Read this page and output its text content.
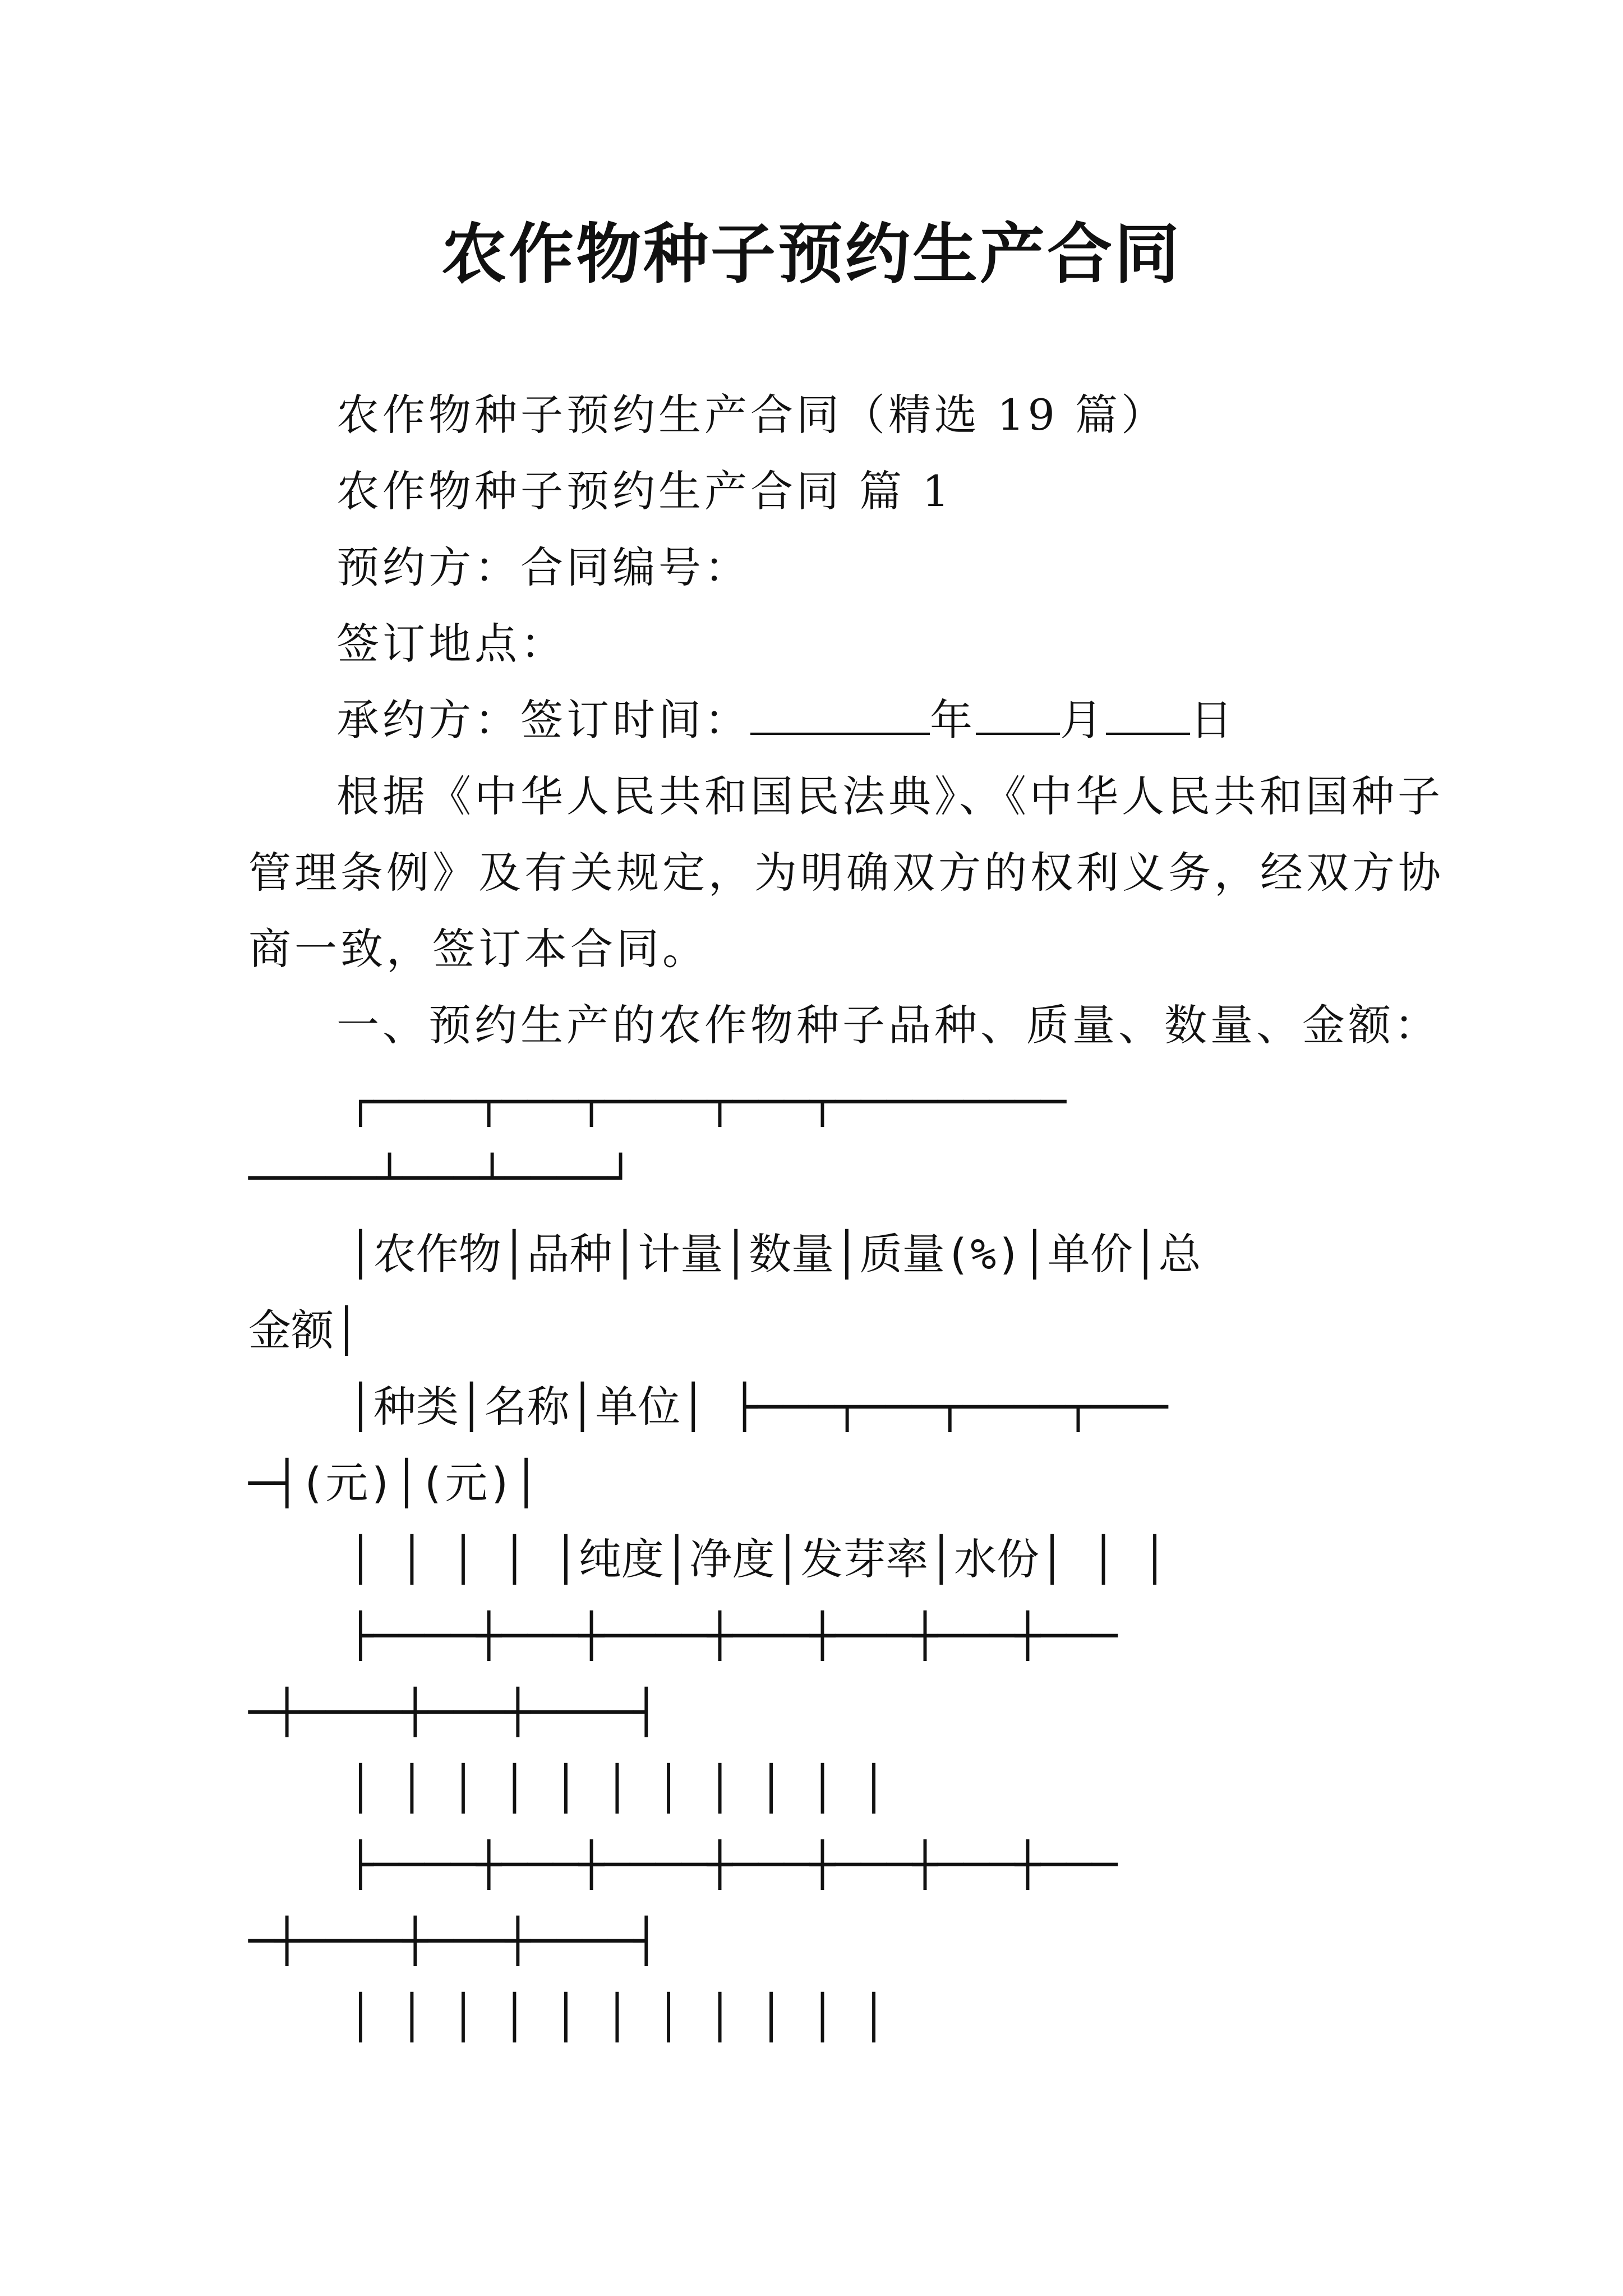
农作物种子预约生产合同
农作物种子预约生产合同（精选 19 篇）
农作物种子预约生产合同 篇 1
预约方：合同编号：
签订地点：
承约方：签订时间：	年 月 日
根据《中华人民共和国民法典》、《中华人民共和国种子
管理条例》及有关规定，为明确双方的权利义务，经双方协
商一致，签订本合同。
一、预约生产的农作物种子品种、质量、数量、金额：
┌────┬───┬────┬───┬─────────
─────┴───┴────┘
│农作物│品种│计量│数量│质量(%)│单价│总
金额│
│种类│名称│单位│ ├───┬───┬────┬───
─┤(元)│(元)│
│ │ │ │ │纯度│净度│发芽率│水份│ │ │
├────┼───┼────┼───┼───┼───┼───
─┼────┼───┼────┤
│ │ │ │ │ │ │ │ │ │ │
├────┼───┼────┼───┼───┼───┼───
─┼────┼───┼────┤
│ │ │ │ │ │ │ │ │ │ │
